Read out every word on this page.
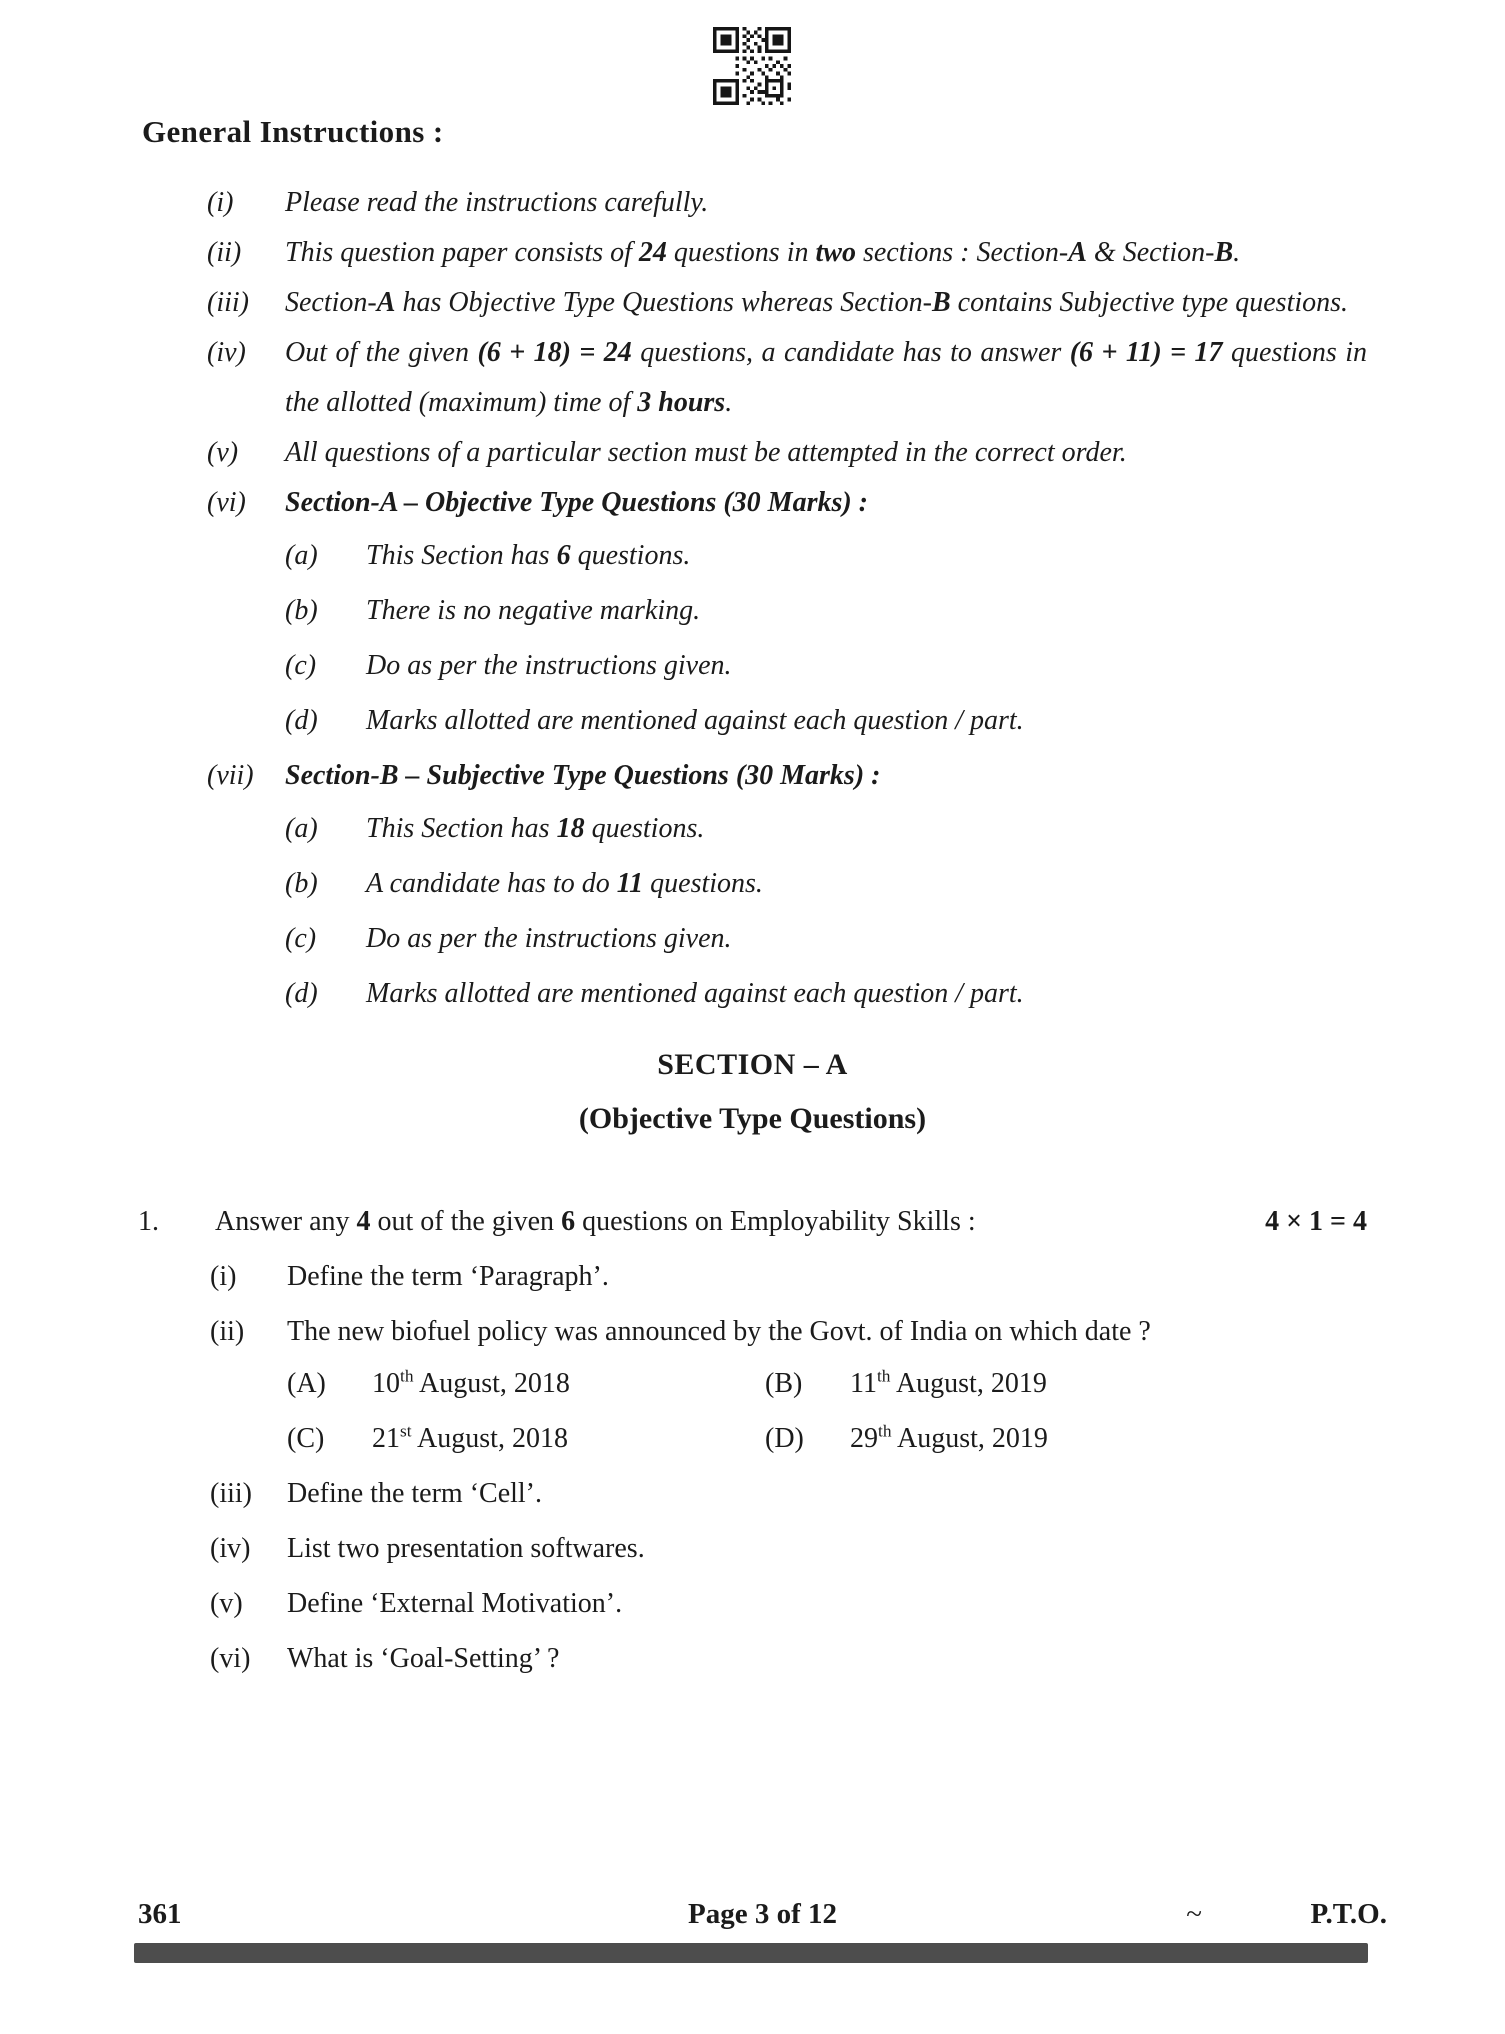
General Instructions :
(i)	Please read the instructions carefully.

(ii)	This question paper consists of 24 questions in two sections : Section-A & Section-B.

(iii)	Section-A has Objective Type Questions whereas Section-B contains Subjective type questions.

(iv)	Out of the given (6 + 18) = 24 questions, a candidate has to answer (6 + 11) = 17 questions in the allotted (maximum) time of 3 hours.

(v)	All questions of a particular section must be attempted in the correct order.

(vi)	Section-A – Objective Type Questions (30 Marks) :

(a)	This Section has 6 questions.

(b)	There is no negative marking.

(c)	Do as per the instructions given.

(d)	Marks allotted are mentioned against each question / part.

(vii)	Section-B – Subjective Type Questions (30 Marks) :

(a)	This Section has 18 questions.

(b)	A candidate has to do 11 questions.

(c)	Do as per the instructions given.

(d)	Marks allotted are mentioned against each question / part.

SECTION – A
(Objective Type Questions)
1.	Answer any 4 out of the given 6 questions on Employability Skills :	4 × 1 = 4
(i)	Define the term ‘Paragraph’.

(ii)	The new biofuel policy was announced by the Govt. of India on which date ?

(A)	10th August, 2018	(B)	11th August, 2019
(C)	21st August, 2018	(D)	29th August, 2019
(iii)	Define the term ‘Cell’.

(iv)	List two presentation softwares.

(v)	Define ‘External Motivation’.

(vi)	What is ‘Goal-Setting’ ?

361	Page 3 of 12	~	P.T.O.
